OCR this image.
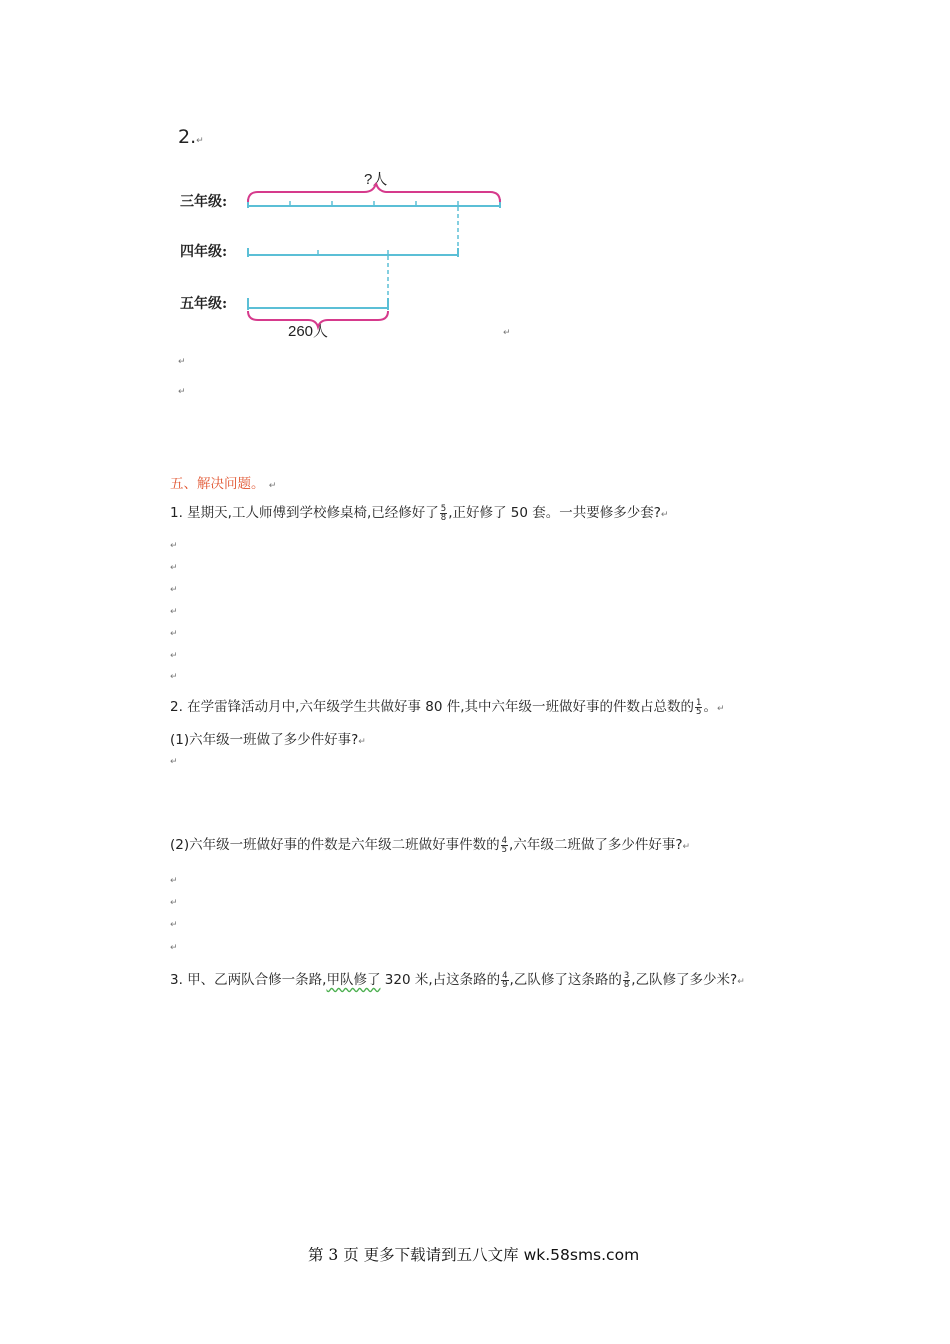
2.↵
三年级:
四年级:
五年级:
?人
260人	↵
↵
↵
五、解决问题。 ↵
1. 星期天,工人师傅到学校修桌椅,已经修好了 $\frac{5}{8}$ ,正好修了 50 套。一共要修多少套?↵
↵
↵
↵
↵
↵
↵
↵
2. 在学雷锋活动月中,六年级学生共做好事 80 件,其中六年级一班做好事的件数占总数的 $\frac{1}{5}$ 。↵
(1)六年级一班做了多少件好事?↵
↵
(2)六年级一班做好事的件数是六年级二班做好事件数的 $\frac{4}{5}$ ,六年级二班做了多少件好事?↵
↵
↵
↵
↵
3. 甲、乙两队合修一条路,甲队修了 320 米,占这条路的 $\frac{4}{9}$ ,乙队修了这条路的 $\frac{3}{8}$ ,乙队修了多少米?↵
第 3 页 更多下载请到五八文库 wk.58sms.com
